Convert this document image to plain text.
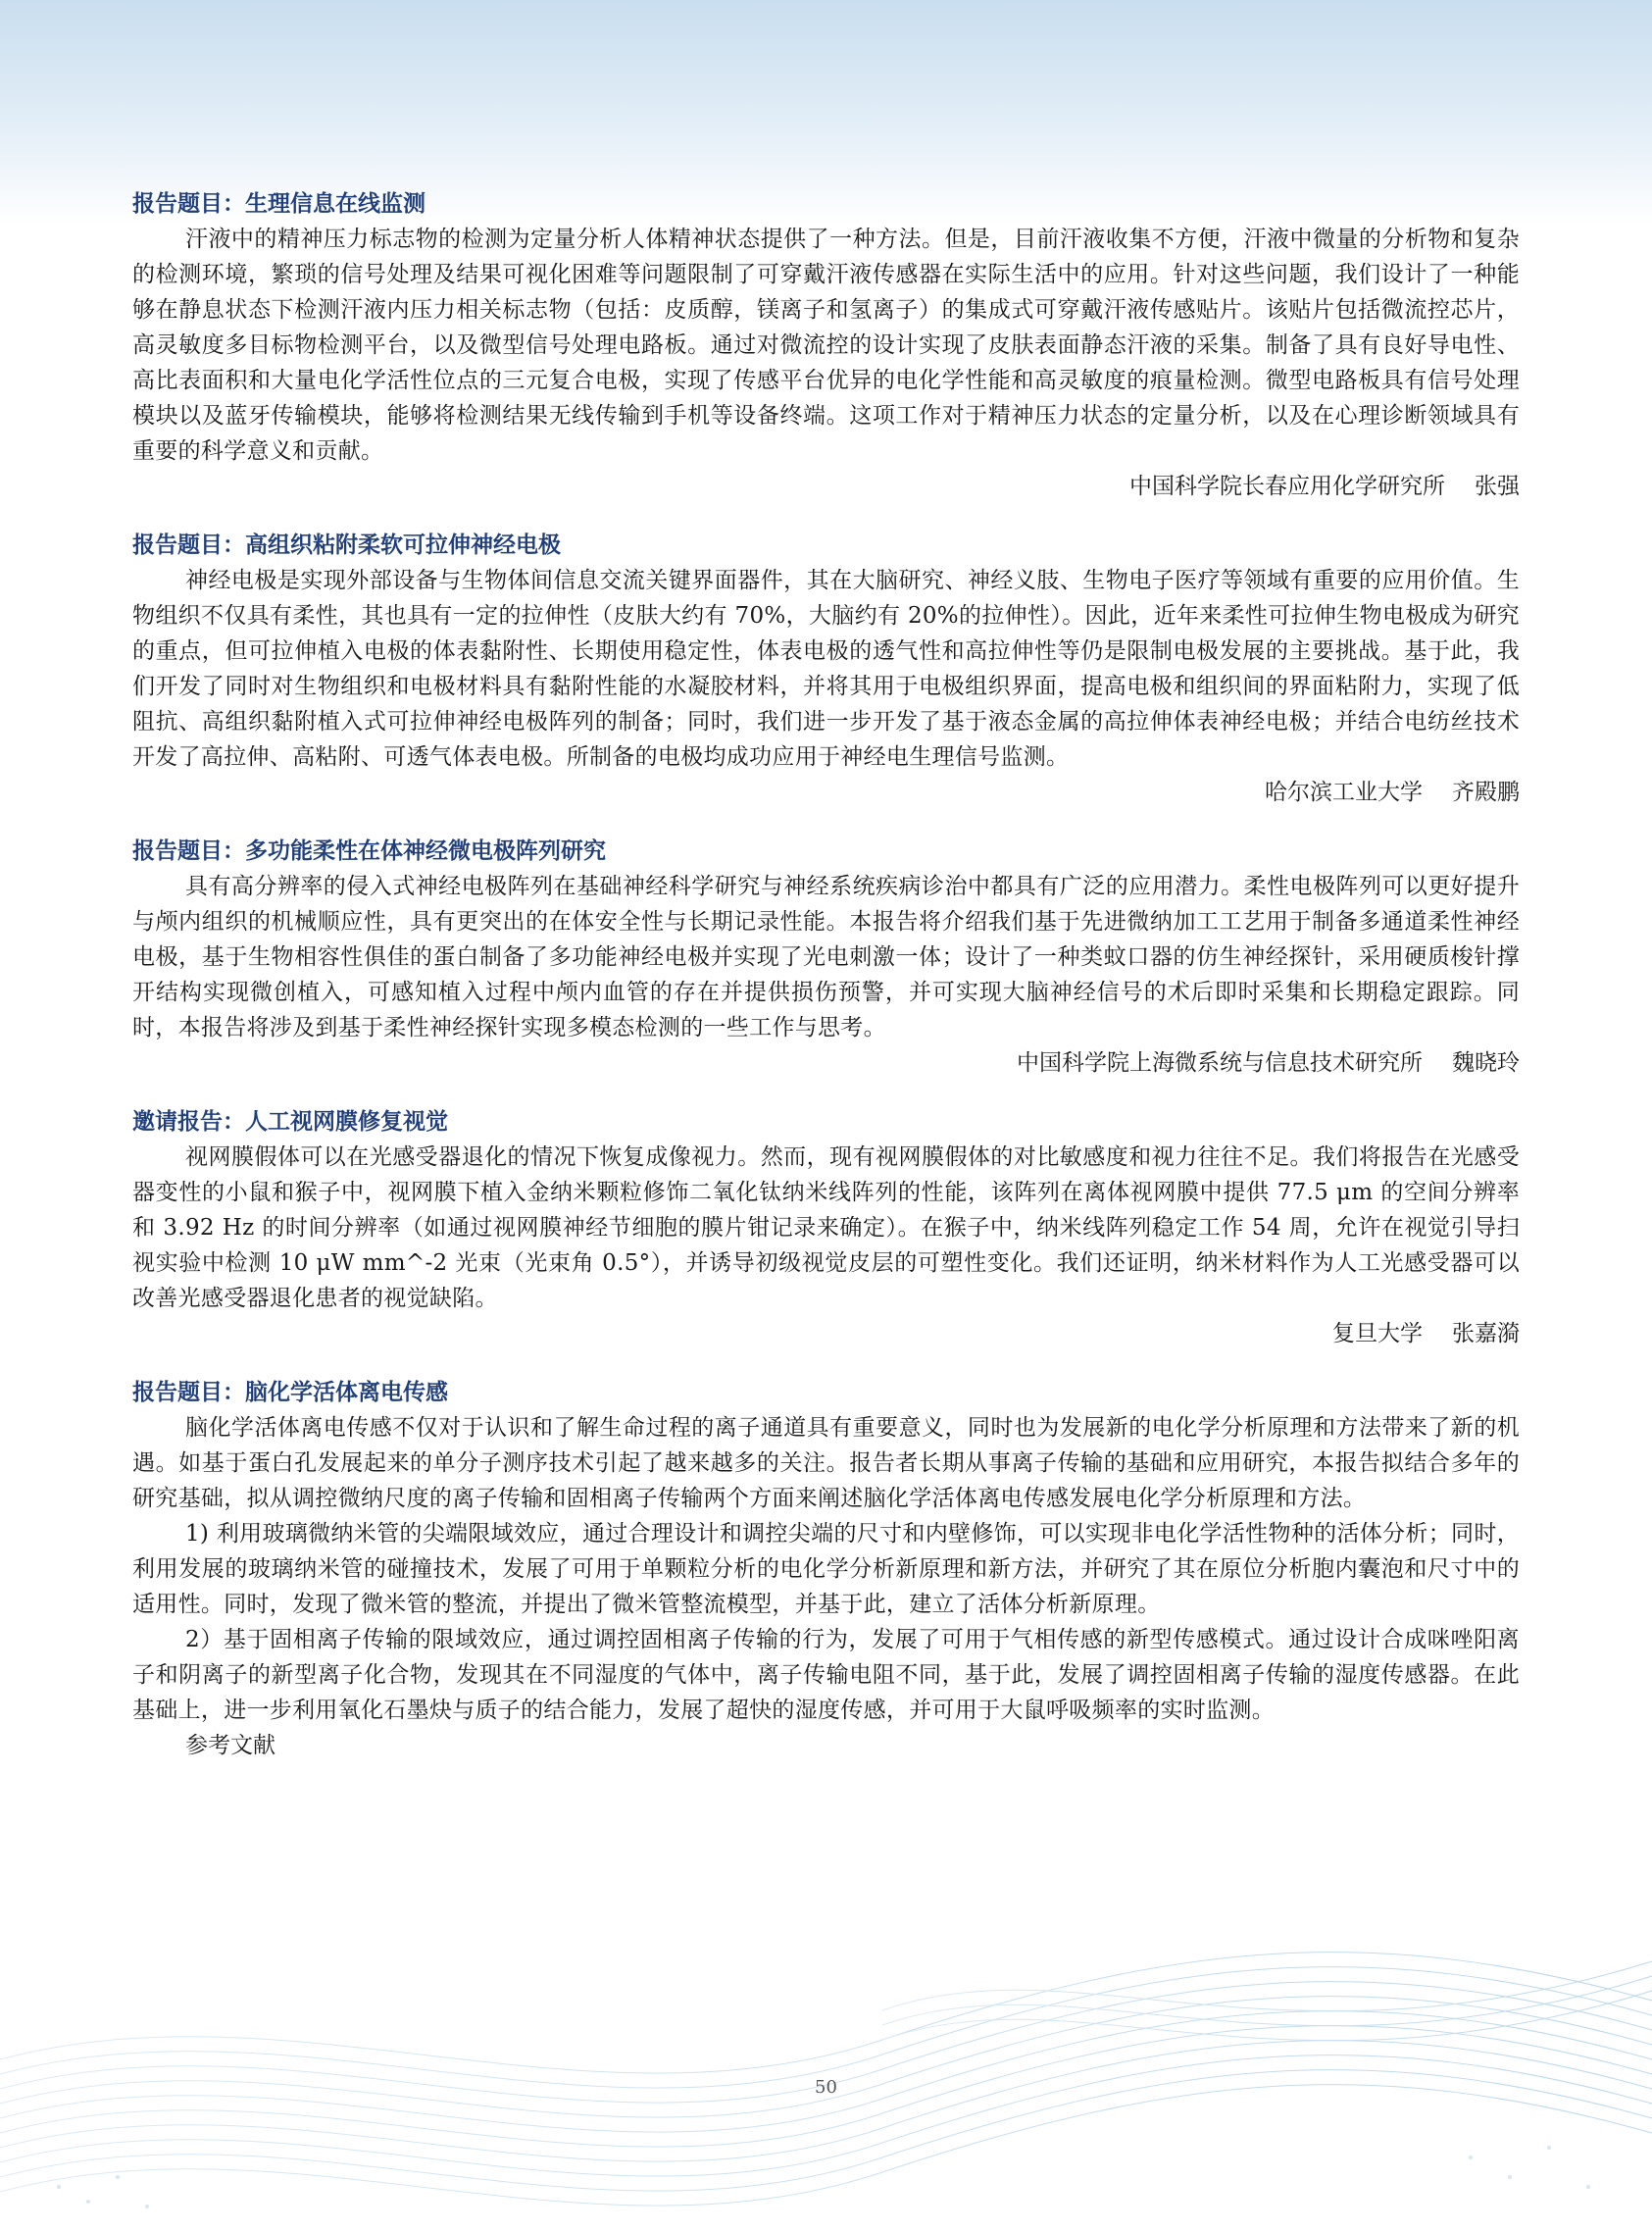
报告题目：生理信息在线监测

汗液中的精神压力标志物的检测为定量分析人体精神状态提供了一种方法。但是，目前汗液收集不方便，汗液中微量的分析物和复杂的检测环境，繁琐的信号处理及结果可视化困难等问题限制了可穿戴汗液传感器在实际生活中的应用。针对这些问题，我们设计了一种能够在静息状态下检测汗液内压力相关标志物（包括：皮质醇，镁离子和氢离子）的集成式可穿戴汗液传感贴片。该贴片包括微流控芯片，高灵敏度多目标物检测平台，以及微型信号处理电路板。通过对微流控的设计实现了皮肤表面静态汗液的采集。制备了具有良好导电性、高比表面积和大量电化学活性位点的三元复合电极，实现了传感平台优异的电化学性能和高灵敏度的痕量检测。微型电路板具有信号处理模块以及蓝牙传输模块，能够将检测结果无线传输到手机等设备终端。这项工作对于精神压力状态的定量分析，以及在心理诊断领域具有重要的科学意义和贡献。

中国科学院长春应用化学研究所 张强

报告题目：高组织粘附柔软可拉伸神经电极

神经电极是实现外部设备与生物体间信息交流关键界面器件，其在大脑研究、神经义肢、生物电子医疗等领域有重要的应用价值。生物组织不仅具有柔性，其也具有一定的拉伸性（皮肤大约有 70%，大脑约有 20%的拉伸性）。因此，近年来柔性可拉伸生物电极成为研究的重点，但可拉伸植入电极的体表黏附性、长期使用稳定性，体表电极的透气性和高拉伸性等仍是限制电极发展的主要挑战。基于此，我们开发了同时对生物组织和电极材料具有黏附性能的水凝胶材料，并将其用于电极组织界面，提高电极和组织间的界面粘附力，实现了低阻抗、高组织黏附植入式可拉伸神经电极阵列的制备；同时，我们进一步开发了基于液态金属的高拉伸体表神经电极；并结合电纺丝技术开发了高拉伸、高粘附、可透气体表电极。所制备的电极均成功应用于神经电生理信号监测。

哈尔滨工业大学 齐殿鹏

报告题目：多功能柔性在体神经微电极阵列研究

具有高分辨率的侵入式神经电极阵列在基础神经科学研究与神经系统疾病诊治中都具有广泛的应用潜力。柔性电极阵列可以更好提升与颅内组织的机械顺应性，具有更突出的在体安全性与长期记录性能。本报告将介绍我们基于先进微纳加工工艺用于制备多通道柔性神经电极，基于生物相容性俱佳的蛋白制备了多功能神经电极并实现了光电刺激一体；设计了一种类蚊口器的仿生神经探针，采用硬质梭针撑开结构实现微创植入，可感知植入过程中颅内血管的存在并提供损伤预警，并可实现大脑神经信号的术后即时采集和长期稳定跟踪。同时，本报告将涉及到基于柔性神经探针实现多模态检测的一些工作与思考。

中国科学院上海微系统与信息技术研究所 魏晓玲

邀请报告：人工视网膜修复视觉

视网膜假体可以在光感受器退化的情况下恢复成像视力。然而，现有视网膜假体的对比敏感度和视力往往不足。我们将报告在光感受器变性的小鼠和猴子中，视网膜下植入金纳米颗粒修饰二氧化钛纳米线阵列的性能，该阵列在离体视网膜中提供 77.5 μm 的空间分辨率和 3.92 Hz 的时间分辨率（如通过视网膜神经节细胞的膜片钳记录来确定）。在猴子中，纳米线阵列稳定工作 54 周，允许在视觉引导扫视实验中检测 10 μW mm^-2 光束（光束角 0.5°），并诱导初级视觉皮层的可塑性变化。我们还证明，纳米材料作为人工光感受器可以改善光感受器退化患者的视觉缺陷。

复旦大学 张嘉漪

报告题目：脑化学活体离电传感

脑化学活体离电传感不仅对于认识和了解生命过程的离子通道具有重要意义，同时也为发展新的电化学分析原理和方法带来了新的机遇。如基于蛋白孔发展起来的单分子测序技术引起了越来越多的关注。报告者长期从事离子传输的基础和应用研究，本报告拟结合多年的研究基础，拟从调控微纳尺度的离子传输和固相离子传输两个方面来阐述脑化学活体离电传感发展电化学分析原理和方法。

1) 利用玻璃微纳米管的尖端限域效应，通过合理设计和调控尖端的尺寸和内壁修饰，可以实现非电化学活性物种的活体分析；同时，利用发展的玻璃纳米管的碰撞技术，发展了可用于单颗粒分析的电化学分析新原理和新方法，并研究了其在原位分析胞内囊泡和尺寸中的适用性。同时，发现了微米管的整流，并提出了微米管整流模型，并基于此，建立了活体分析新原理。

2）基于固相离子传输的限域效应，通过调控固相离子传输的行为，发展了可用于气相传感的新型传感模式。通过设计合成咪唑阳离子和阴离子的新型离子化合物，发现其在不同湿度的气体中，离子传输电阻不同，基于此，发展了调控固相离子传输的湿度传感器。在此基础上，进一步利用氧化石墨炔与质子的结合能力，发展了超快的湿度传感，并可用于大鼠呼吸频率的实时监测。

参考文献

50
